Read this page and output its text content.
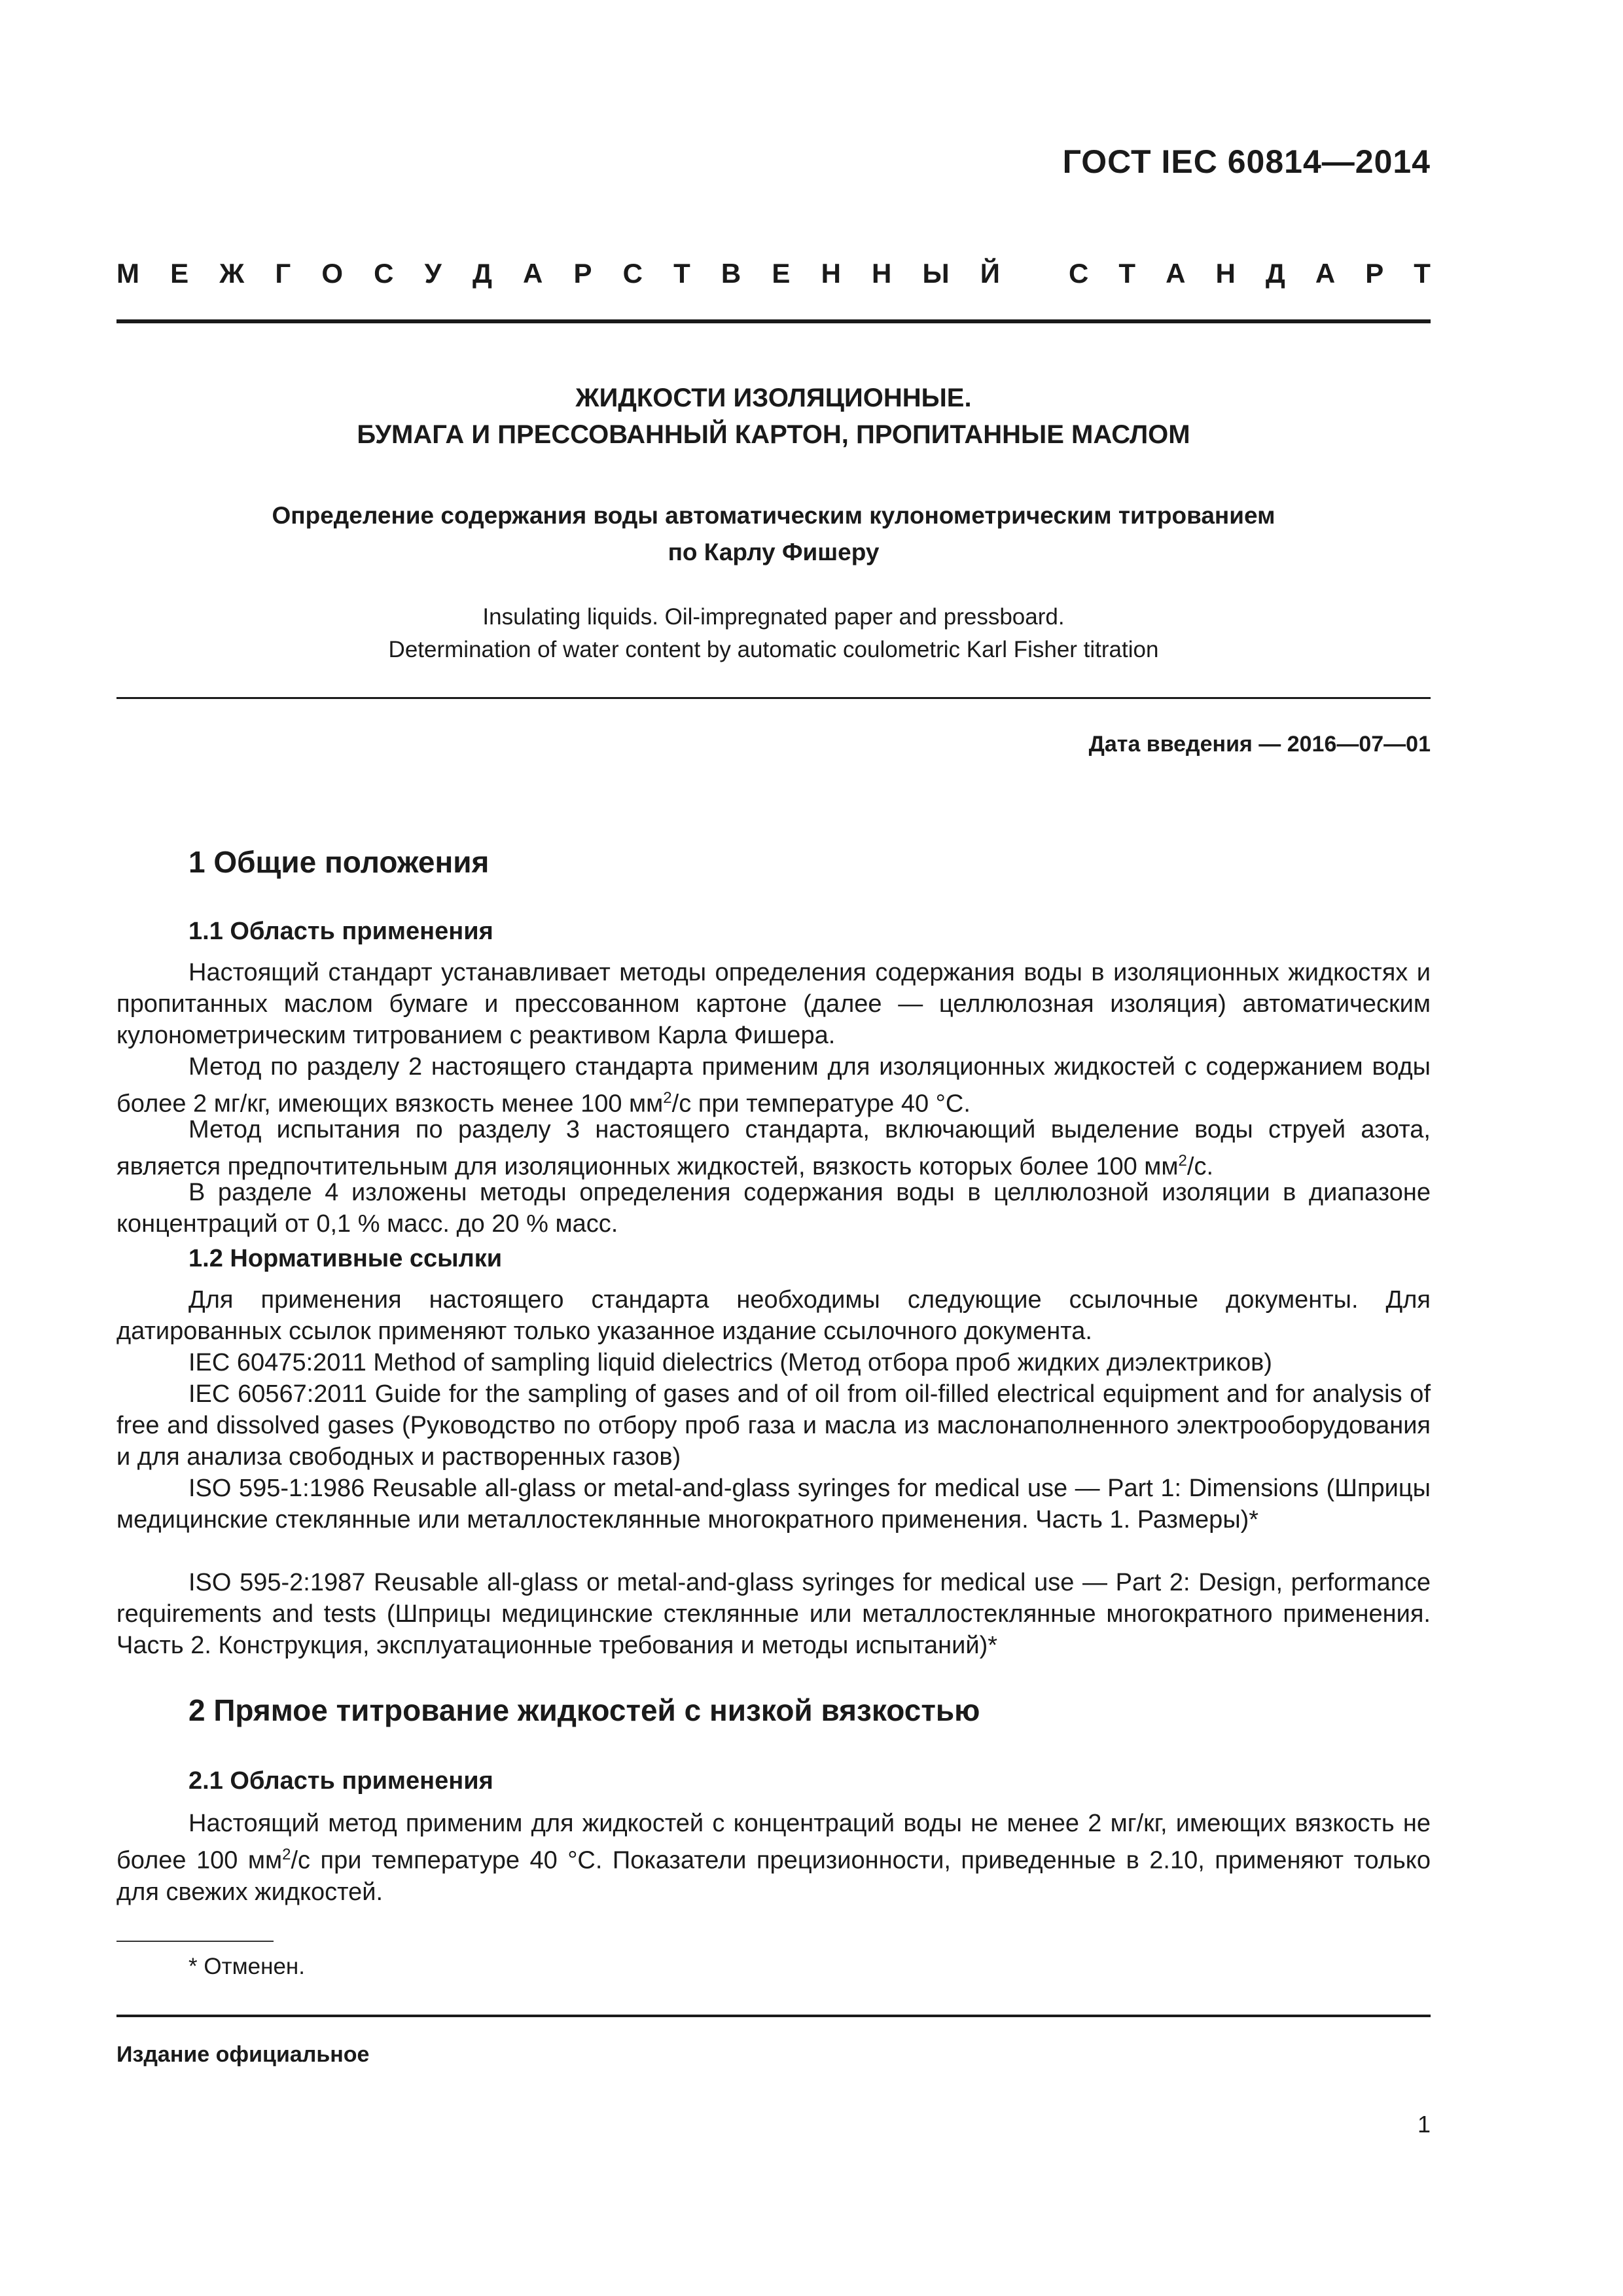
ГОСТ IEC 60814—2014
М Е Ж Г О С У Д А Р С Т В Е Н Н Ы Й	С Т А Н Д А Р Т
ЖИДКОСТИ ИЗОЛЯЦИОННЫЕ.
БУМАГА И ПРЕССОВАННЫЙ КАРТОН, ПРОПИТАННЫЕ МАСЛОМ
Определение содержания воды автоматическим кулонометрическим титрованием
по Карлу Фишеру
Insulating liquids. Oil-impregnated paper and pressboard.
Determination of water content by automatic coulometric Karl Fisher titration
Дата введения — 2016—07—01
1 Общие положения
1.1 Область применения
Настоящий стандарт устанавливает методы определения содержания воды в изоляционных жидкостях и пропитанных маслом бумаге и прессованном картоне (далее — целлюлозная изоляция) автоматическим кулонометрическим титрованием с реактивом Карла Фишера.
Метод по разделу 2 настоящего стандарта применим для изоляционных жидкостей с содержанием воды более 2 мг/кг, имеющих вязкость менее 100 $мм^2/с$ при температуре 40 °С.
Метод испытания по разделу 3 настоящего стандарта, включающий выделение воды струей азота, является предпочтительным для изоляционных жидкостей, вязкость которых более 100 $мм^2/с$.
В разделе 4 изложены методы определения содержания воды в целлюлозной изоляции в диапазоне концентраций от 0,1 % масс. до 20 % масс.
1.2 Нормативные ссылки
Для применения настоящего стандарта необходимы следующие ссылочные документы. Для датированных ссылок применяют только указанное издание ссылочного документа.
IEC 60475:2011 Method of sampling liquid dielectrics (Метод отбора проб жидких диэлектриков)
IEC 60567:2011 Guide for the sampling of gases and of oil from oil-filled electrical equipment and for analysis of free and dissolved gases (Руководство по отбору проб газа и масла из маслонаполненного электрооборудования и для анализа свободных и растворенных газов)
ISO 595-1:1986 Reusable all-glass or metal-and-glass syringes for medical use — Part 1: Dimensions (Шприцы медицинские стеклянные или металлостеклянные многократного применения. Часть 1. Размеры)*
ISO 595-2:1987 Reusable all-glass or metal-and-glass syringes for medical use — Part 2: Design, performance requirements and tests (Шприцы медицинские стеклянные или металлостеклянные многократного применения. Часть 2. Конструкция, эксплуатационные требования и методы испытаний)*
2 Прямое титрование жидкостей с низкой вязкостью
2.1 Область применения
Настоящий метод применим для жидкостей с концентраций воды не менее 2 мг/кг, имеющих вязкость не более 100 $мм^2/с$ при температуре 40 °С. Показатели прецизионности, приведенные в 2.10, применяют только для свежих жидкостей.
* Отменен.
Издание официальное
1
